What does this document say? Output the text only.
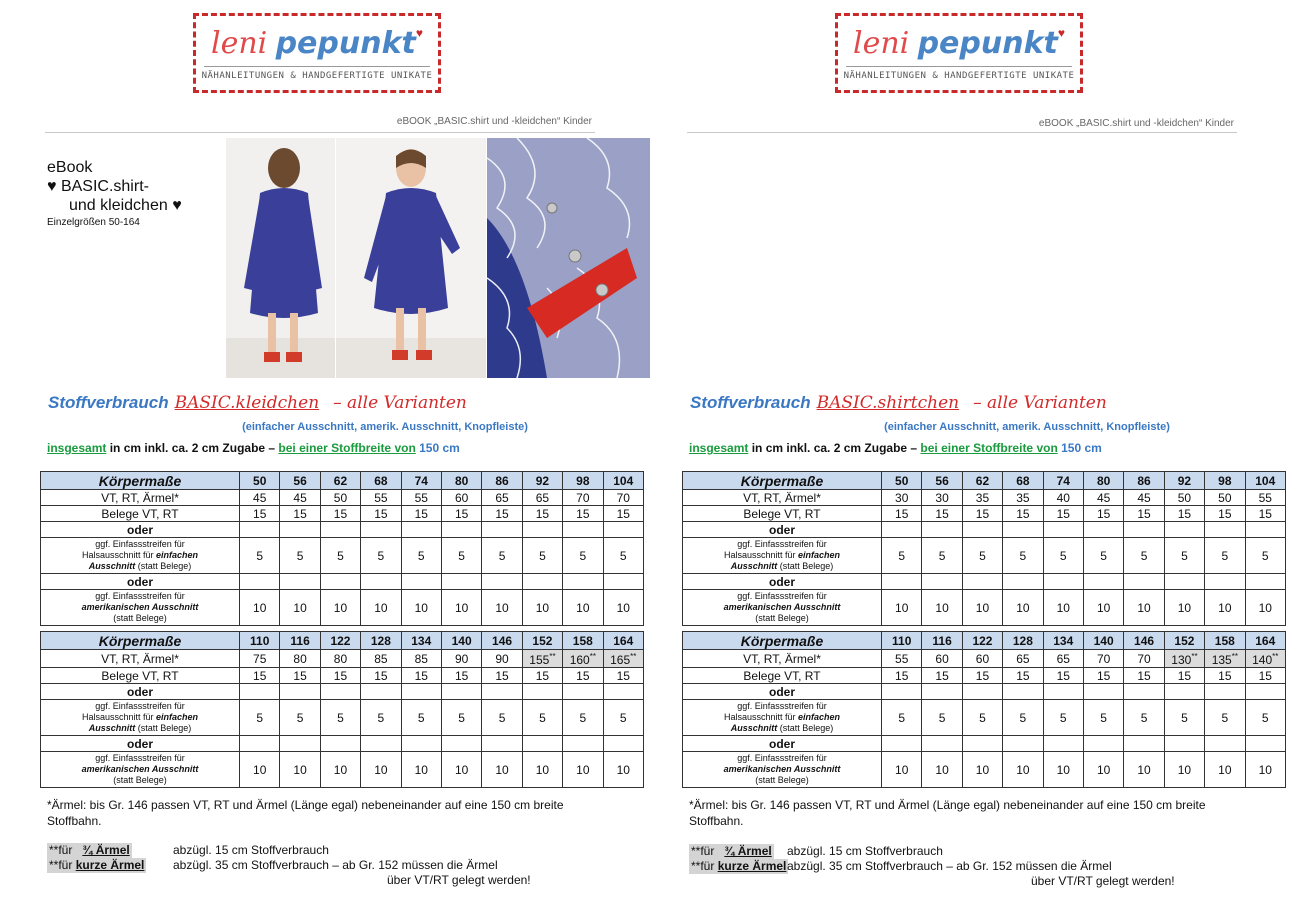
leni pepunkt♥
NÄHANLEITUNGEN & HANDGEFERTIGTE UNIKATE
eBOOK „BASIC.shirt und -kleidchen“ Kinder
eBook
♥ BASIC.shirt-
und kleidchen ♥
Einzelgrößen 50-164
Stoffverbrauch BASIC.kleidchen – alle Varianten
(einfacher Ausschnitt, amerik. Ausschnitt, Knopfleiste)
insgesamt in cm inkl. ca. 2 cm Zugabe – bei einer Stoffbreite von 150 cm
Körpermaße	50	56	62	68	74	80	86	92	98	104
VT, RT, Ärmel*	45	45	50	55	55	60	65	65	70	70
Belege VT, RT	15	15	15	15	15	15	15	15	15	15
oder										

ggf. Einfassstreifen für
Halsausschnitt für einfachen
Ausschnitt (statt Belege)	5	5	5	5	5	5	5	5	5	5
oder										

ggf. Einfassstreifen für
amerikanischen Ausschnitt
(statt Belege)	10	10	10	10	10	10	10	10	10	10
Körpermaße	110	116	122	128	134	140	146	152	158	164
VT, RT, Ärmel*	75	80	80	85	85	90	90	155**	160**	165**
Belege VT, RT	15	15	15	15	15	15	15	15	15	15
oder										

ggf. Einfassstreifen für
Halsausschnitt für einfachen
Ausschnitt (statt Belege)	5	5	5	5	5	5	5	5	5	5
oder										

ggf. Einfassstreifen für
amerikanischen Ausschnitt
(statt Belege)	10	10	10	10	10	10	10	10	10	10
*Ärmel: bis Gr. 146 passen VT, RT und Ärmel (Länge egal) nebeneinander auf eine 150 cm breite Stoffbahn.
**für ¾ Ärmel	abzügl. 15 cm Stoffverbrauch
**für kurze Ärmel abzügl. 35 cm Stoffverbrauch – ab Gr. 152 müssen die Ärmel
über VT/RT gelegt werden!
leni pepunkt♥
NÄHANLEITUNGEN & HANDGEFERTIGTE UNIKATE
eBOOK „BASIC.shirt und -kleidchen“ Kinder
Stoffverbrauch BASIC.shirtchen – alle Varianten
(einfacher Ausschnitt, amerik. Ausschnitt, Knopfleiste)
insgesamt in cm inkl. ca. 2 cm Zugabe – bei einer Stoffbreite von 150 cm
Körpermaße	50	56	62	68	74	80	86	92	98	104
VT, RT, Ärmel*	30	30	35	35	40	45	45	50	50	55
Belege VT, RT	15	15	15	15	15	15	15	15	15	15
oder										

ggf. Einfassstreifen für
Halsausschnitt für einfachen
Ausschnitt (statt Belege)	5	5	5	5	5	5	5	5	5	5
oder										

ggf. Einfassstreifen für
amerikanischen Ausschnitt
(statt Belege)	10	10	10	10	10	10	10	10	10	10
Körpermaße	110	116	122	128	134	140	146	152	158	164
VT, RT, Ärmel*	55	60	60	65	65	70	70	130**	135**	140**
Belege VT, RT	15	15	15	15	15	15	15	15	15	15
oder										

ggf. Einfassstreifen für
Halsausschnitt für einfachen
Ausschnitt (statt Belege)	5	5	5	5	5	5	5	5	5	5
oder										

ggf. Einfassstreifen für
amerikanischen Ausschnitt
(statt Belege)	10	10	10	10	10	10	10	10	10	10
*Ärmel: bis Gr. 146 passen VT, RT und Ärmel (Länge egal) nebeneinander auf eine 150 cm breite Stoffbahn.
**für ¾ Ärmel abzügl. 15 cm Stoffverbrauch
**für kurze Ärmel abzügl. 35 cm Stoffverbrauch – ab Gr. 152 müssen die Ärmel
über VT/RT gelegt werden!
